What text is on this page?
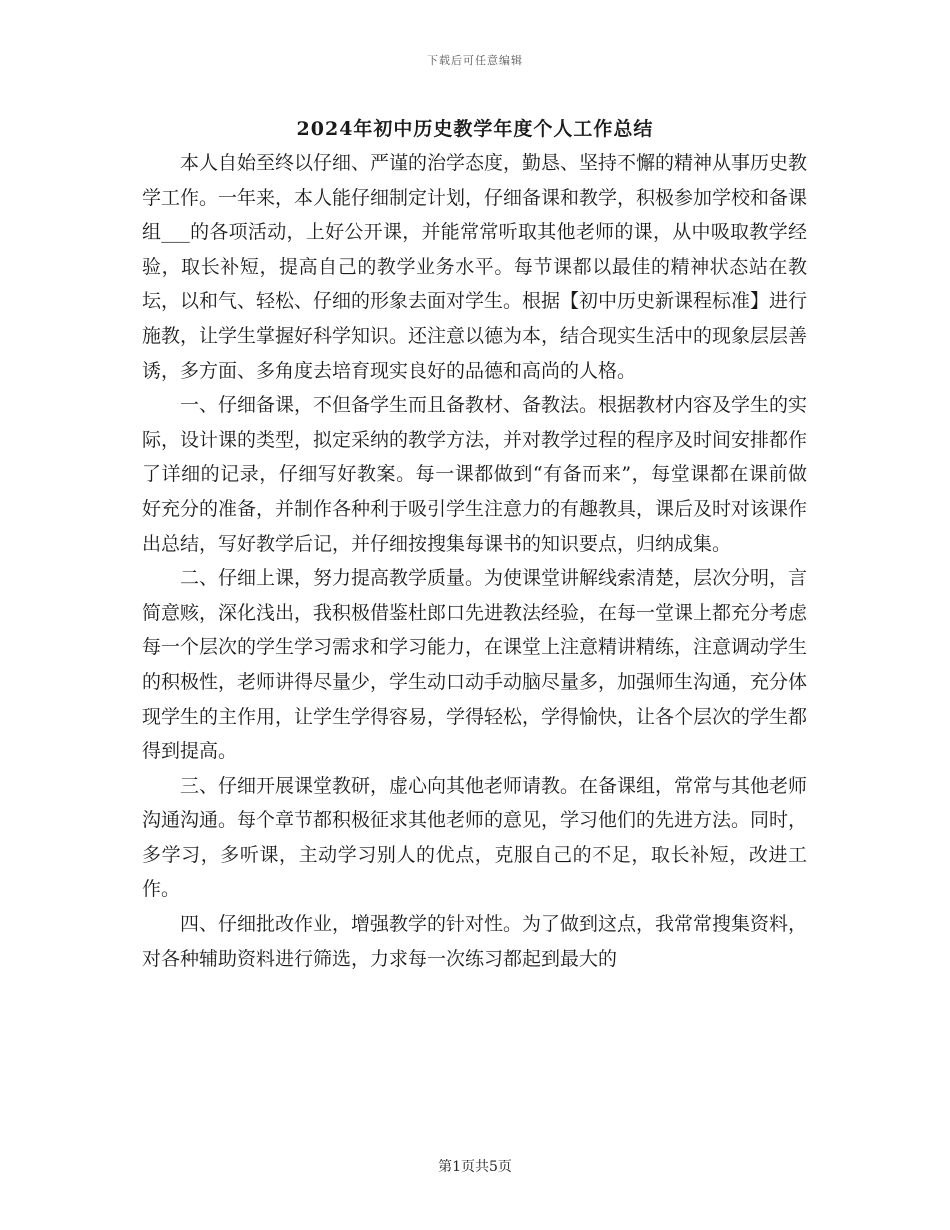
下载后可任意编辑
2024年初中历史教学年度个人工作总结

本人自始至终以仔细、严谨的治学态度，勤恳、坚持不懈的精神从事历史教学工作。一年来，本人能仔细制定计划，仔细备课和教学，积极参加学校和备课组___的各项活动，上好公开课，并能常常听取其他老师的课，从中吸取教学经验，取长补短，提高自己的教学业务水平。每节课都以最佳的精神状态站在教坛，以和气、轻松、仔细的形象去面对学生。根据【初中历史新课程标准】进行施教，让学生掌握好科学知识。还注意以德为本，结合现实生活中的现象层层善诱，多方面、多角度去培育现实良好的品德和高尚的人格。

一、仔细备课，不但备学生而且备教材、备教法。根据教材内容及学生的实际，设计课的类型，拟定采纳的教学方法，并对教学过程的程序及时间安排都作了详细的记录，仔细写好教案。每一课都做到“有备而来”，每堂课都在课前做好充分的准备，并制作各种利于吸引学生注意力的有趣教具，课后及时对该课作出总结，写好教学后记，并仔细按搜集每课书的知识要点，归纳成集。

二、仔细上课，努力提高教学质量。为使课堂讲解线索清楚，层次分明，言简意赅，深化浅出，我积极借鉴杜郎口先进教法经验，在每一堂课上都充分考虑每一个层次的学生学习需求和学习能力，在课堂上注意精讲精练，注意调动学生的积极性，老师讲得尽量少，学生动口动手动脑尽量多，加强师生沟通，充分体现学生的主作用，让学生学得容易，学得轻松，学得愉快，让各个层次的学生都得到提高。

三、仔细开展课堂教研，虚心向其他老师请教。在备课组，常常与其他老师沟通沟通。每个章节都积极征求其他老师的意见，学习他们的先进方法。同时，多学习，多听课，主动学习别人的优点，克服自己的不足，取长补短，改进工作。

四、仔细批改作业，增强教学的针对性。为了做到这点，我常常搜集资料，对各种辅助资料进行筛选，力求每一次练习都起到最大的

第1页共5页
